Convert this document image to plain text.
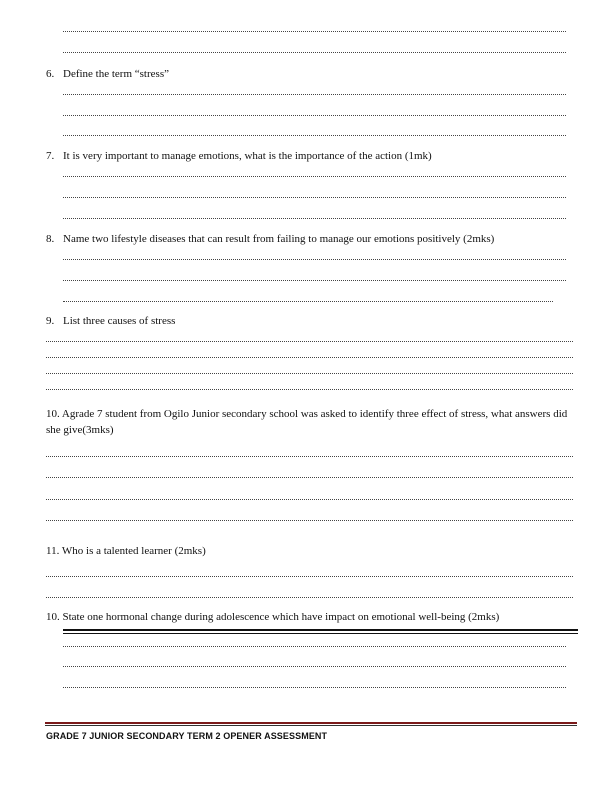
6. Define the term “stress”
7. It is very important to manage emotions, what is the importance of the action (1mk)
8. Name two lifestyle diseases that can result from failing to manage our emotions positively (2mks)
9. List three causes of stress
10. Agrade 7 student from Ogilo Junior secondary school was asked to identify three effect of stress, what answers did she give(3mks)
11. Who is a talented learner (2mks)
10. State one hormonal change during adolescence which have impact on emotional well-being (2mks)
GRADE 7 JUNIOR SECONDARY TERM 2 OPENER ASSESSMENT
